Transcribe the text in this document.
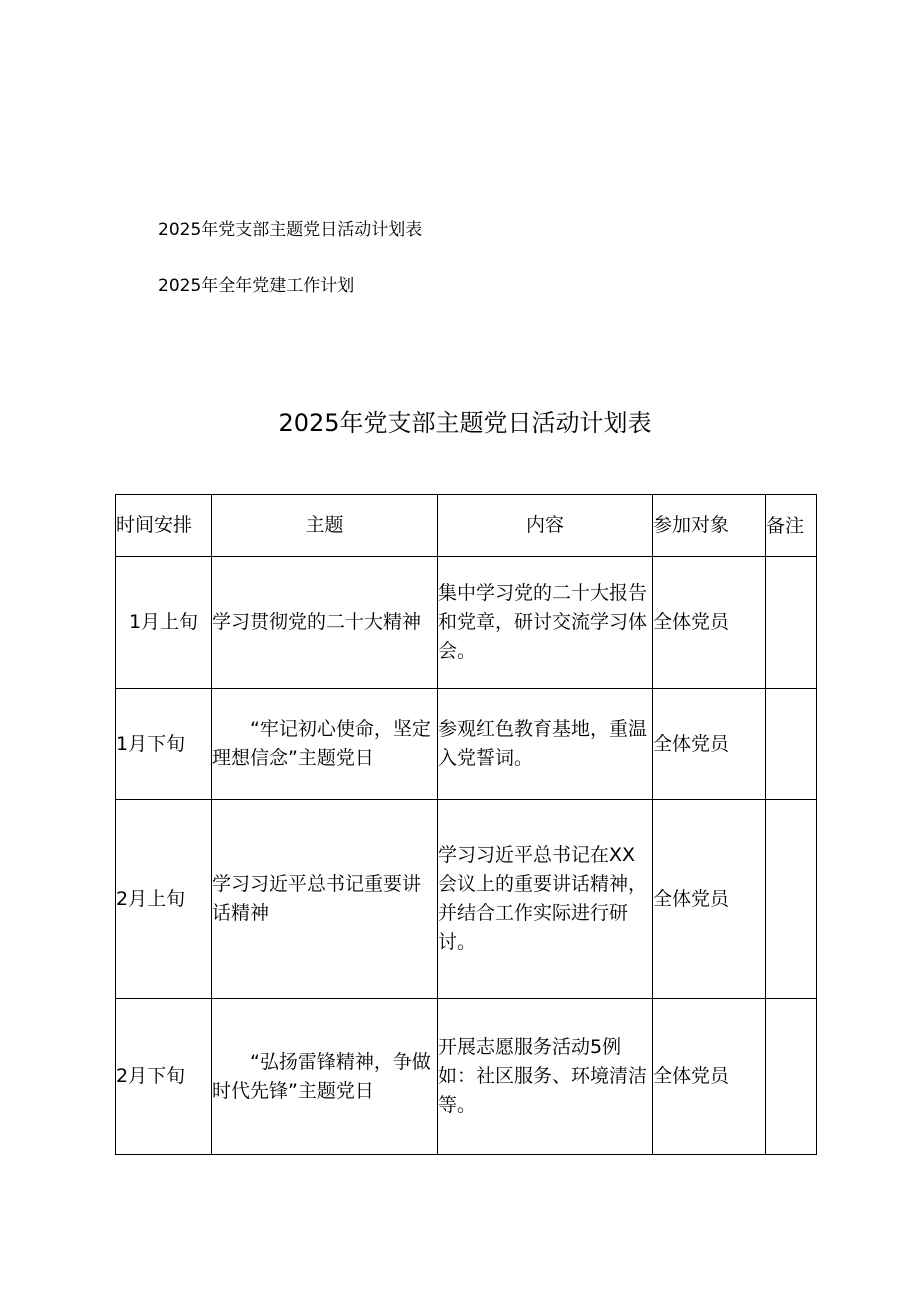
2025年党支部主题党日活动计划表
2025年全年党建工作计划
2025年党支部主题党日活动计划表
时间安排	主题	内容	参加对象	备注
1月上旬	学习贯彻党的二十大精神	集中学习党的二十大报告和党章，研讨交流学习体会。	全体党员	
1月下旬	“牢记初心使命，坚定理想信念”主题党日	参观红色教育基地，重温入党誓词。	全体党员	
2月上旬	学习习近平总书记重要讲话精神	学习习近平总书记在XX会议上的重要讲话精神，并结合工作实际进行研讨。	全体党员	
2月下旬	“弘扬雷锋精神，争做时代先锋”主题党日	开展志愿服务活动5例如：社区服务、环境清洁等。	全体党员	
